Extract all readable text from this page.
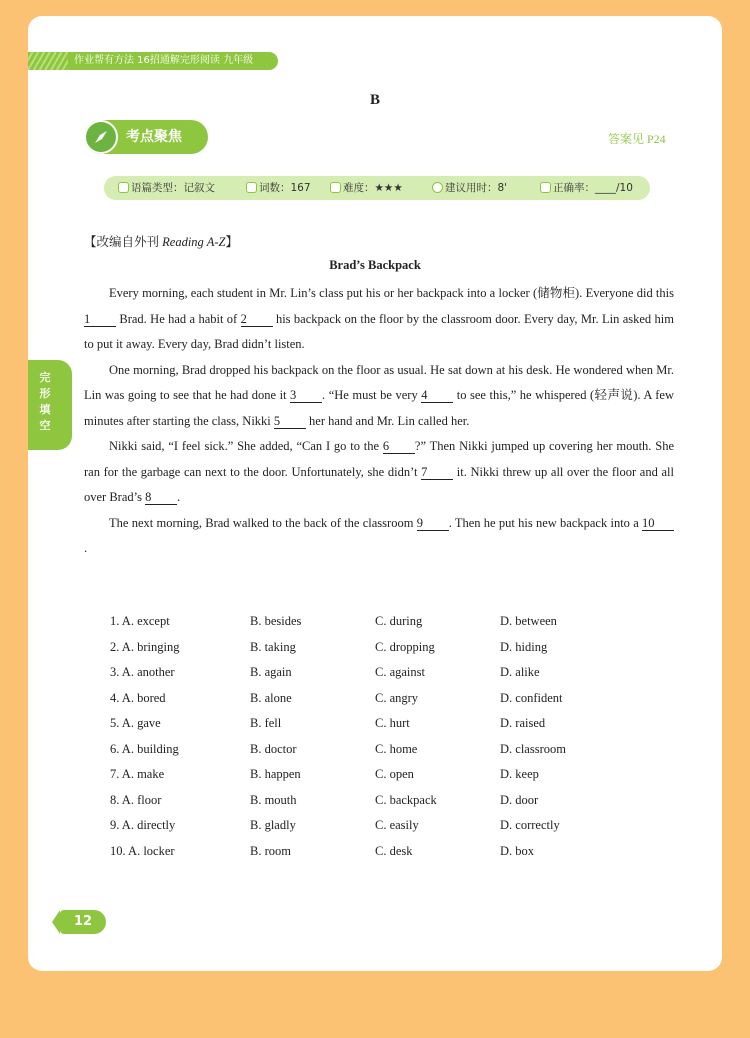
作业帮有方法 16招通解完形阅读 九年级
B
考点聚焦	答案见 P24
语篇类型：记叙文	词数：167	难度：★★★	建议用时：8'	正确率：____/10
完形填空
【改编自外刊 Reading A-Z】
Brad’s Backpack

Every morning, each student in Mr. Lin’s class put his or her backpack into a locker (储物柜). Everyone did this 1 Brad. He had a habit of 2 his backpack on the floor by the classroom door. Every day, Mr. Lin asked him to put it away. Every day, Brad didn’t listen.

One morning, Brad dropped his backpack on the floor as usual. He sat down at his desk. He wondered when Mr. Lin was going to see that he had done it 3 . “He must be very 4 to see this,” he whispered (轻声说). A few minutes after starting the class, Nikki 5 her hand and Mr. Lin called her.

Nikki said, “I feel sick.” She added, “Can I go to the 6 ?” Then Nikki jumped up covering her mouth. She ran for the garbage can next to the door. Unfortunately, she didn’t 7 it. Nikki threw up all over the floor and all over Brad’s 8 .

The next morning, Brad walked to the back of the classroom 9 . Then he put his new backpack into a 10.

1. A. except	B. besides	C. during	D. between
2. A. bringing	B. taking	C. dropping	D. hiding
3. A. another	B. again	C. against	D. alike
4. A. bored	B. alone	C. angry	D. confident
5. A. gave	B. fell	C. hurt	D. raised
6. A. building	B. doctor	C. home	D. classroom
7. A. make	B. happen	C. open	D. keep
8. A. floor	B. mouth	C. backpack	D. door
9. A. directly	B. gladly	C. easily	D. correctly
10. A. locker	B. room	C. desk	D. box
12
